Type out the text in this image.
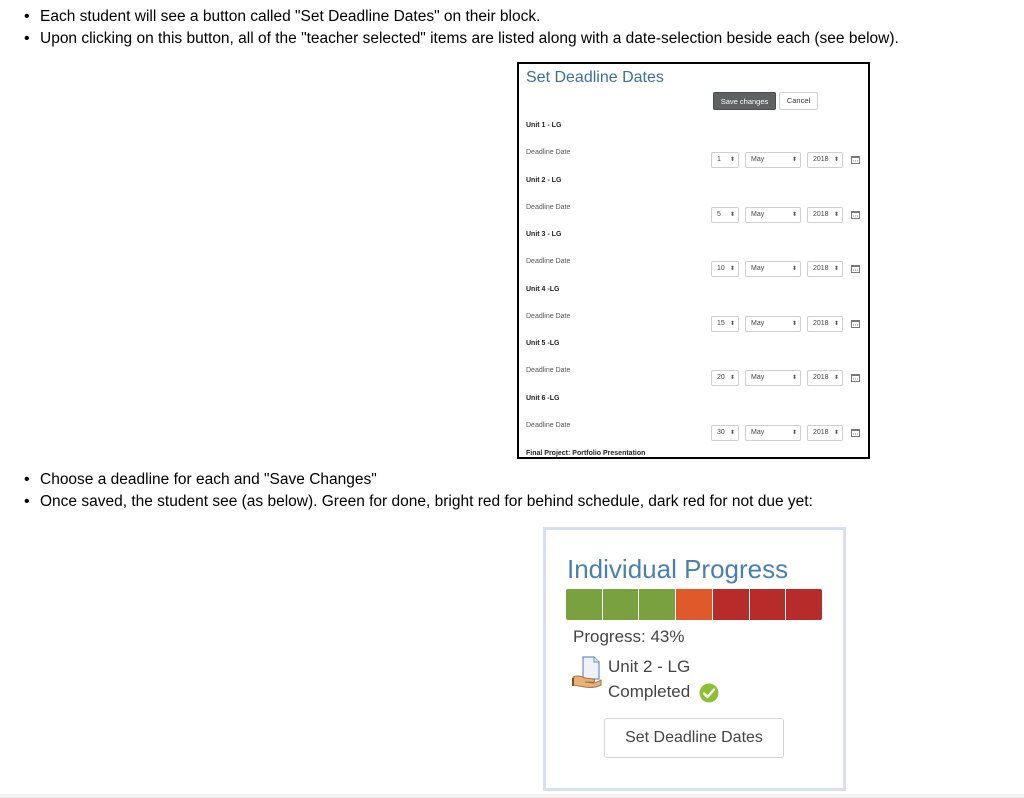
• Each student will see a button called "Set Deadline Dates" on their block.
• Upon clicking on this button, all of the "teacher selected" items are listed along with a date-selection beside each (see below).
Set Deadline Dates
Save changes	Cancel
Final Project: Portfolio Presentation
Unit 1 - LG
Deadline Date
1 ⬍	May	⬍	2018 ⬍
Unit 2 - LG
Deadline Date
5 ⬍	May	⬍	2018 ⬍
Unit 3 - LG
Deadline Date
10 ⬍	May	⬍	2018 ⬍
Unit 4 -LG
Deadline Date
15 ⬍	May	⬍	2018 ⬍
Unit 5 -LG
Deadline Date
20 ⬍	May	⬍	2018 ⬍
Unit 6 -LG
Deadline Date
30 ⬍	May	⬍	2018 ⬍
• Choose a deadline for each and "Save Changes"
• Once saved, the student see (as below). Green for done, bright red for behind schedule, dark red for not due yet:
Individual Progress
Progress: 43%
Unit 2 - LG
Completed
Set Deadline Dates
